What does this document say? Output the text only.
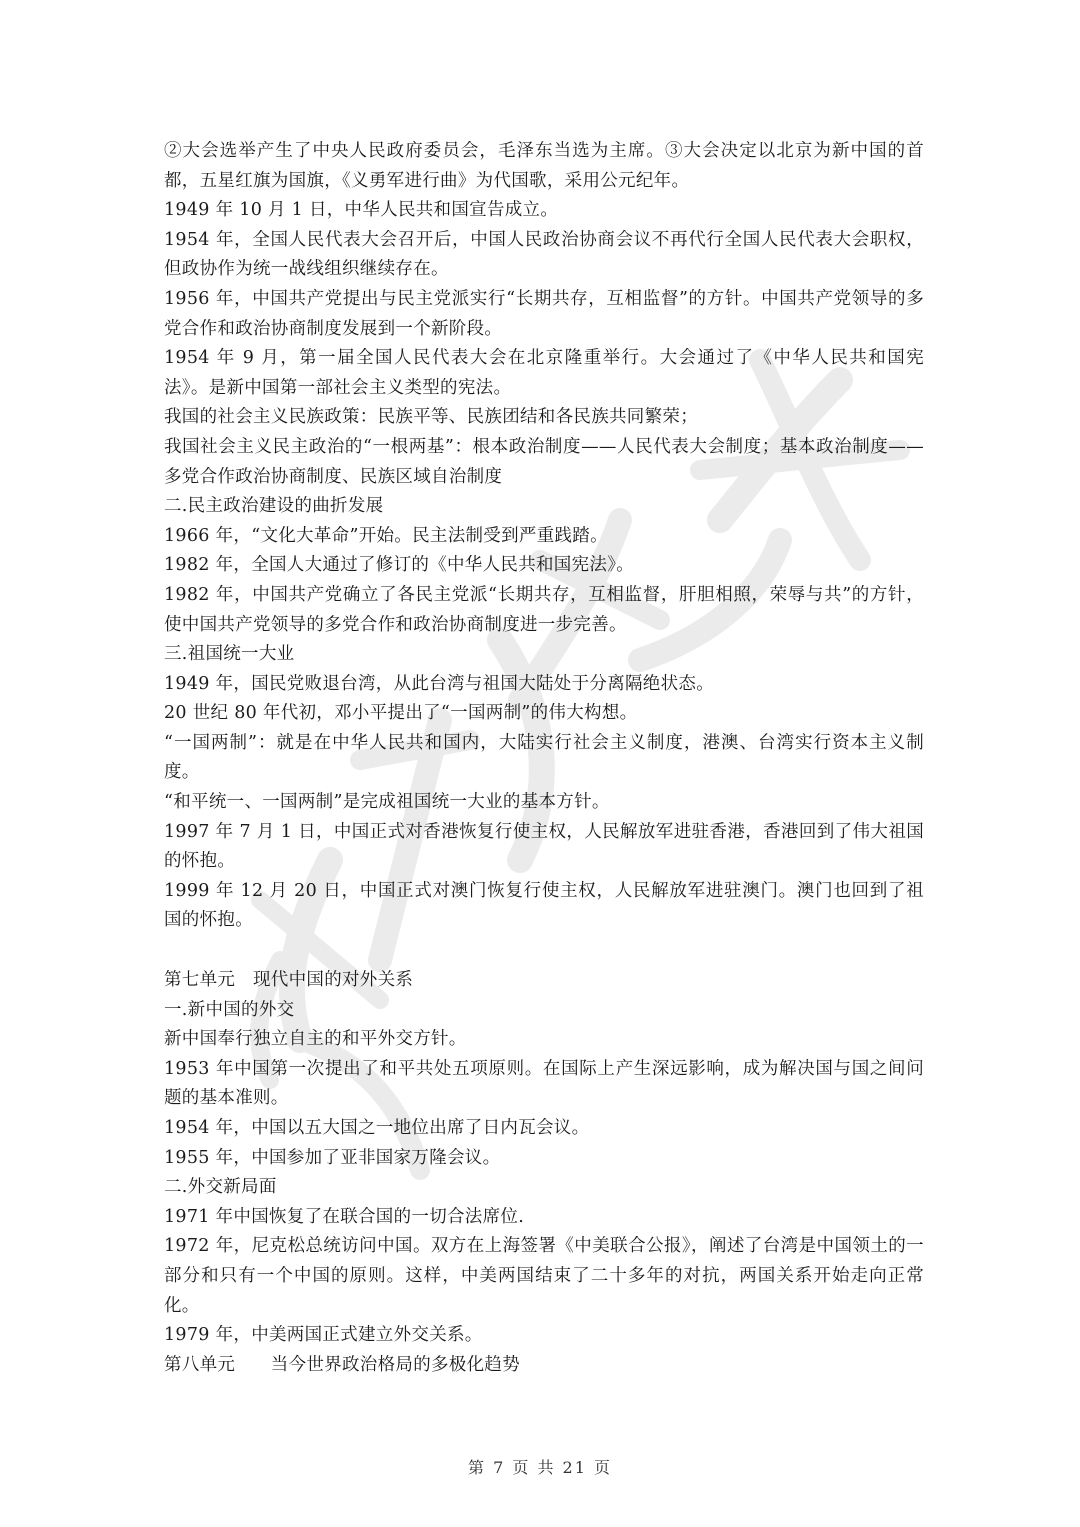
②大会选举产生了中央人民政府委员会，毛泽东当选为主席。③大会决定以北京为新中国的首都，五星红旗为国旗，《义勇军进行曲》为代国歌，采用公元纪年。

1949 年 10 月 1 日，中华人民共和国宣告成立。

1954 年，全国人民代表大会召开后，中国人民政治协商会议不再代行全国人民代表大会职权，但政协作为统一战线组织继续存在。

1956 年，中国共产党提出与民主党派实行“长期共存，互相监督”的方针。中国共产党领导的多党合作和政治协商制度发展到一个新阶段。

1954 年 9 月，第一届全国人民代表大会在北京隆重举行。大会通过了《中华人民共和国宪法》。是新中国第一部社会主义类型的宪法。

我国的社会主义民族政策：民族平等、民族团结和各民族共同繁荣；

我国社会主义民主政治的“一根两基”：根本政治制度——人民代表大会制度；基本政治制度——多党合作政治协商制度、民族区域自治制度

二.民主政治建设的曲折发展

1966 年，“文化大革命”开始。民主法制受到严重践踏。

1982 年，全国人大通过了修订的《中华人民共和国宪法》。

1982 年，中国共产党确立了各民主党派“长期共存，互相监督，肝胆相照，荣辱与共”的方针，使中国共产党领导的多党合作和政治协商制度进一步完善。

三.祖国统一大业

1949 年，国民党败退台湾，从此台湾与祖国大陆处于分离隔绝状态。

20 世纪 80 年代初，邓小平提出了“一国两制”的伟大构想。

“一国两制”：就是在中华人民共和国内，大陆实行社会主义制度，港澳、台湾实行资本主义制度。

“和平统一、一国两制”是完成祖国统一大业的基本方针。

1997 年 7 月 1 日，中国正式对香港恢复行使主权，人民解放军进驻香港，香港回到了伟大祖国的怀抱。

1999 年 12 月 20 日，中国正式对澳门恢复行使主权，人民解放军进驻澳门。澳门也回到了祖国的怀抱。

第七单元　现代中国的对外关系

一.新中国的外交

新中国奉行独立自主的和平外交方针。

1953 年中国第一次提出了和平共处五项原则。在国际上产生深远影响，成为解决国与国之间问题的基本准则。

1954 年，中国以五大国之一地位出席了日内瓦会议。

1955 年，中国参加了亚非国家万隆会议。

二.外交新局面

1971 年中国恢复了在联合国的一切合法席位.

1972 年，尼克松总统访问中国。双方在上海签署《中美联合公报》，阐述了台湾是中国领土的一部分和只有一个中国的原则。这样，中美两国结束了二十多年的对抗，两国关系开始走向正常化。

1979 年，中美两国正式建立外交关系。

第八单元　　当今世界政治格局的多极化趋势

第 7 页 共 21 页
